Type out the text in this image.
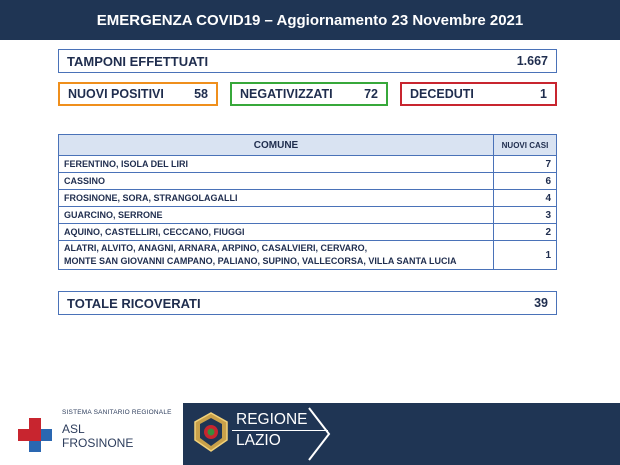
EMERGENZA COVID19 – Aggiornamento 23 Novembre 2021
TAMPONI EFFETTUATI	1.667
NUOVI POSITIVI 58	NEGATIVIZZATI	72	DECEDUTI	1
COMUNE	NUOVI CASI
FERENTINO, ISOLA DEL LIRI	7
CASSINO	6
FROSINONE, SORA, STRANGOLAGALLI	4
GUARCINO, SERRONE	3
AQUINO, CASTELLIRI, CECCANO, FIUGGI	2

ALATRI, ALVITO, ANAGNI, ARNARA, ARPINO, CASALVIERI, CERVARO,
MONTE SAN GIOVANNI CAMPANO, PALIANO, SUPINO, VALLECORSA, VILLA SANTA LUCIA	1
TOTALE RICOVERATI	39
SISTEMA SANITARIO REGIONALE
ASL
FROSINONE
REGIONE
LAZIO
